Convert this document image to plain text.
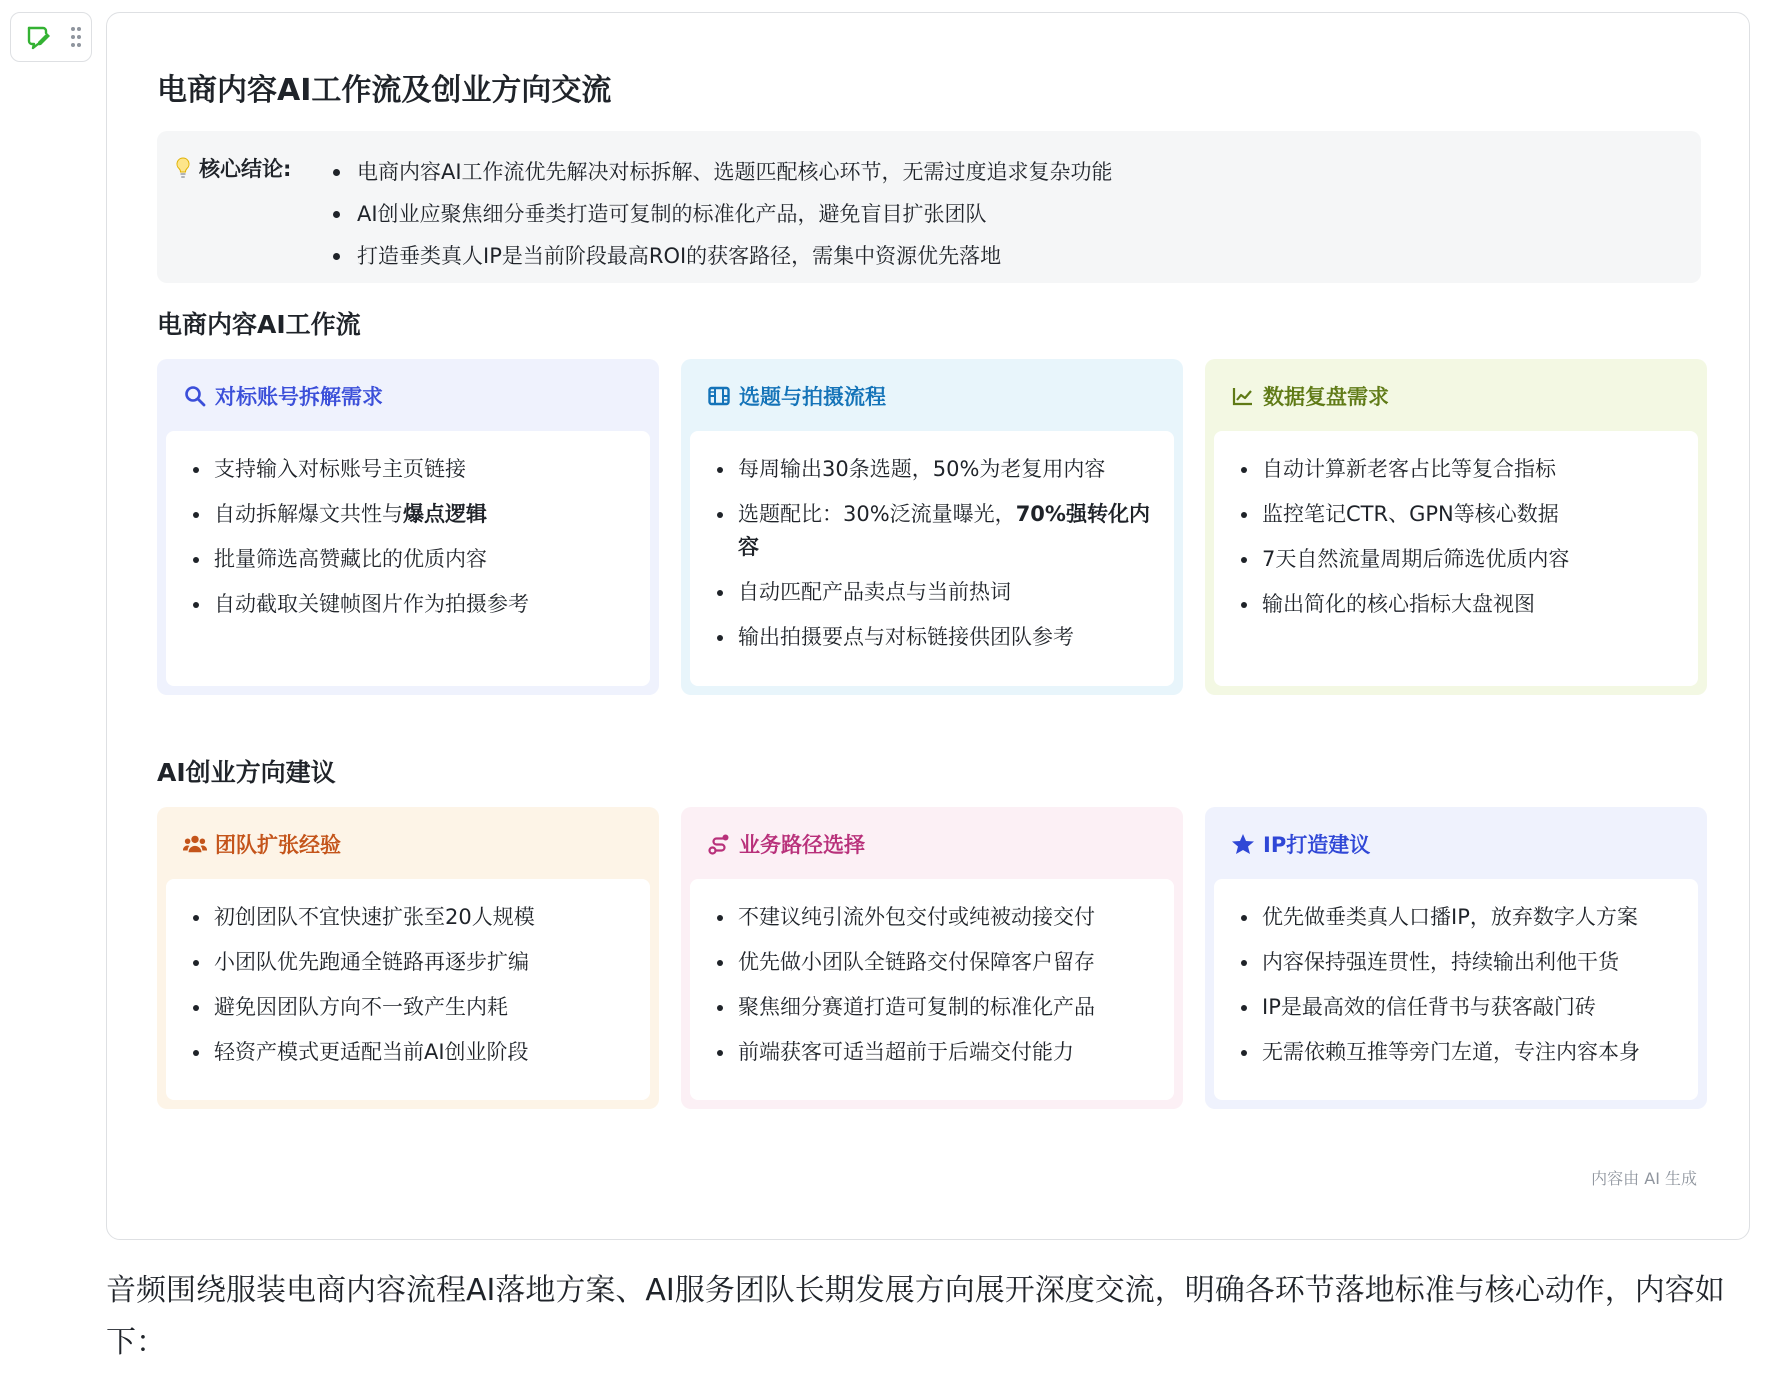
电商内容AI工作流及创业方向交流
核心结论:	电商内容AI工作流优先解决对标拆解、选题匹配核心环节，无需过度追求复杂功能
AI创业应聚焦细分垂类打造可复制的标准化产品，避免盲目扩张团队
打造垂类真人IP是当前阶段最高ROI的获客路径，需集中资源优先落地
电商内容AI工作流
对标账号拆解需求
支持输入对标账号主页链接
自动拆解爆文共性与爆点逻辑
批量筛选高赞藏比的优质内容
自动截取关键帧图片作为拍摄参考
选题与拍摄流程
每周输出30条选题，50%为老复用内容
选题配比：30%泛流量曝光，70%强转化内容
自动匹配产品卖点与当前热词
输出拍摄要点与对标链接供团队参考
数据复盘需求
自动计算新老客占比等复合指标
监控笔记CTR、GPN等核心数据
7天自然流量周期后筛选优质内容
输出简化的核心指标大盘视图
AI创业方向建议
团队扩张经验
初创团队不宜快速扩张至20人规模
小团队优先跑通全链路再逐步扩编
避免因团队方向不一致产生内耗
轻资产模式更适配当前AI创业阶段
业务路径选择
不建议纯引流外包交付或纯被动接交付
优先做小团队全链路交付保障客户留存
聚焦细分赛道打造可复制的标准化产品
前端获客可适当超前于后端交付能力
IP打造建议
优先做垂类真人口播IP，放弃数字人方案
内容保持强连贯性，持续输出利他干货
IP是最高效的信任背书与获客敲门砖
无需依赖互推等旁门左道，专注内容本身
内容由 AI 生成

音频围绕服装电商内容流程AI落地方案、AI服务团队长期发展方向展开深度交流，明确各环节落地标准与核心动作，内容如下：
